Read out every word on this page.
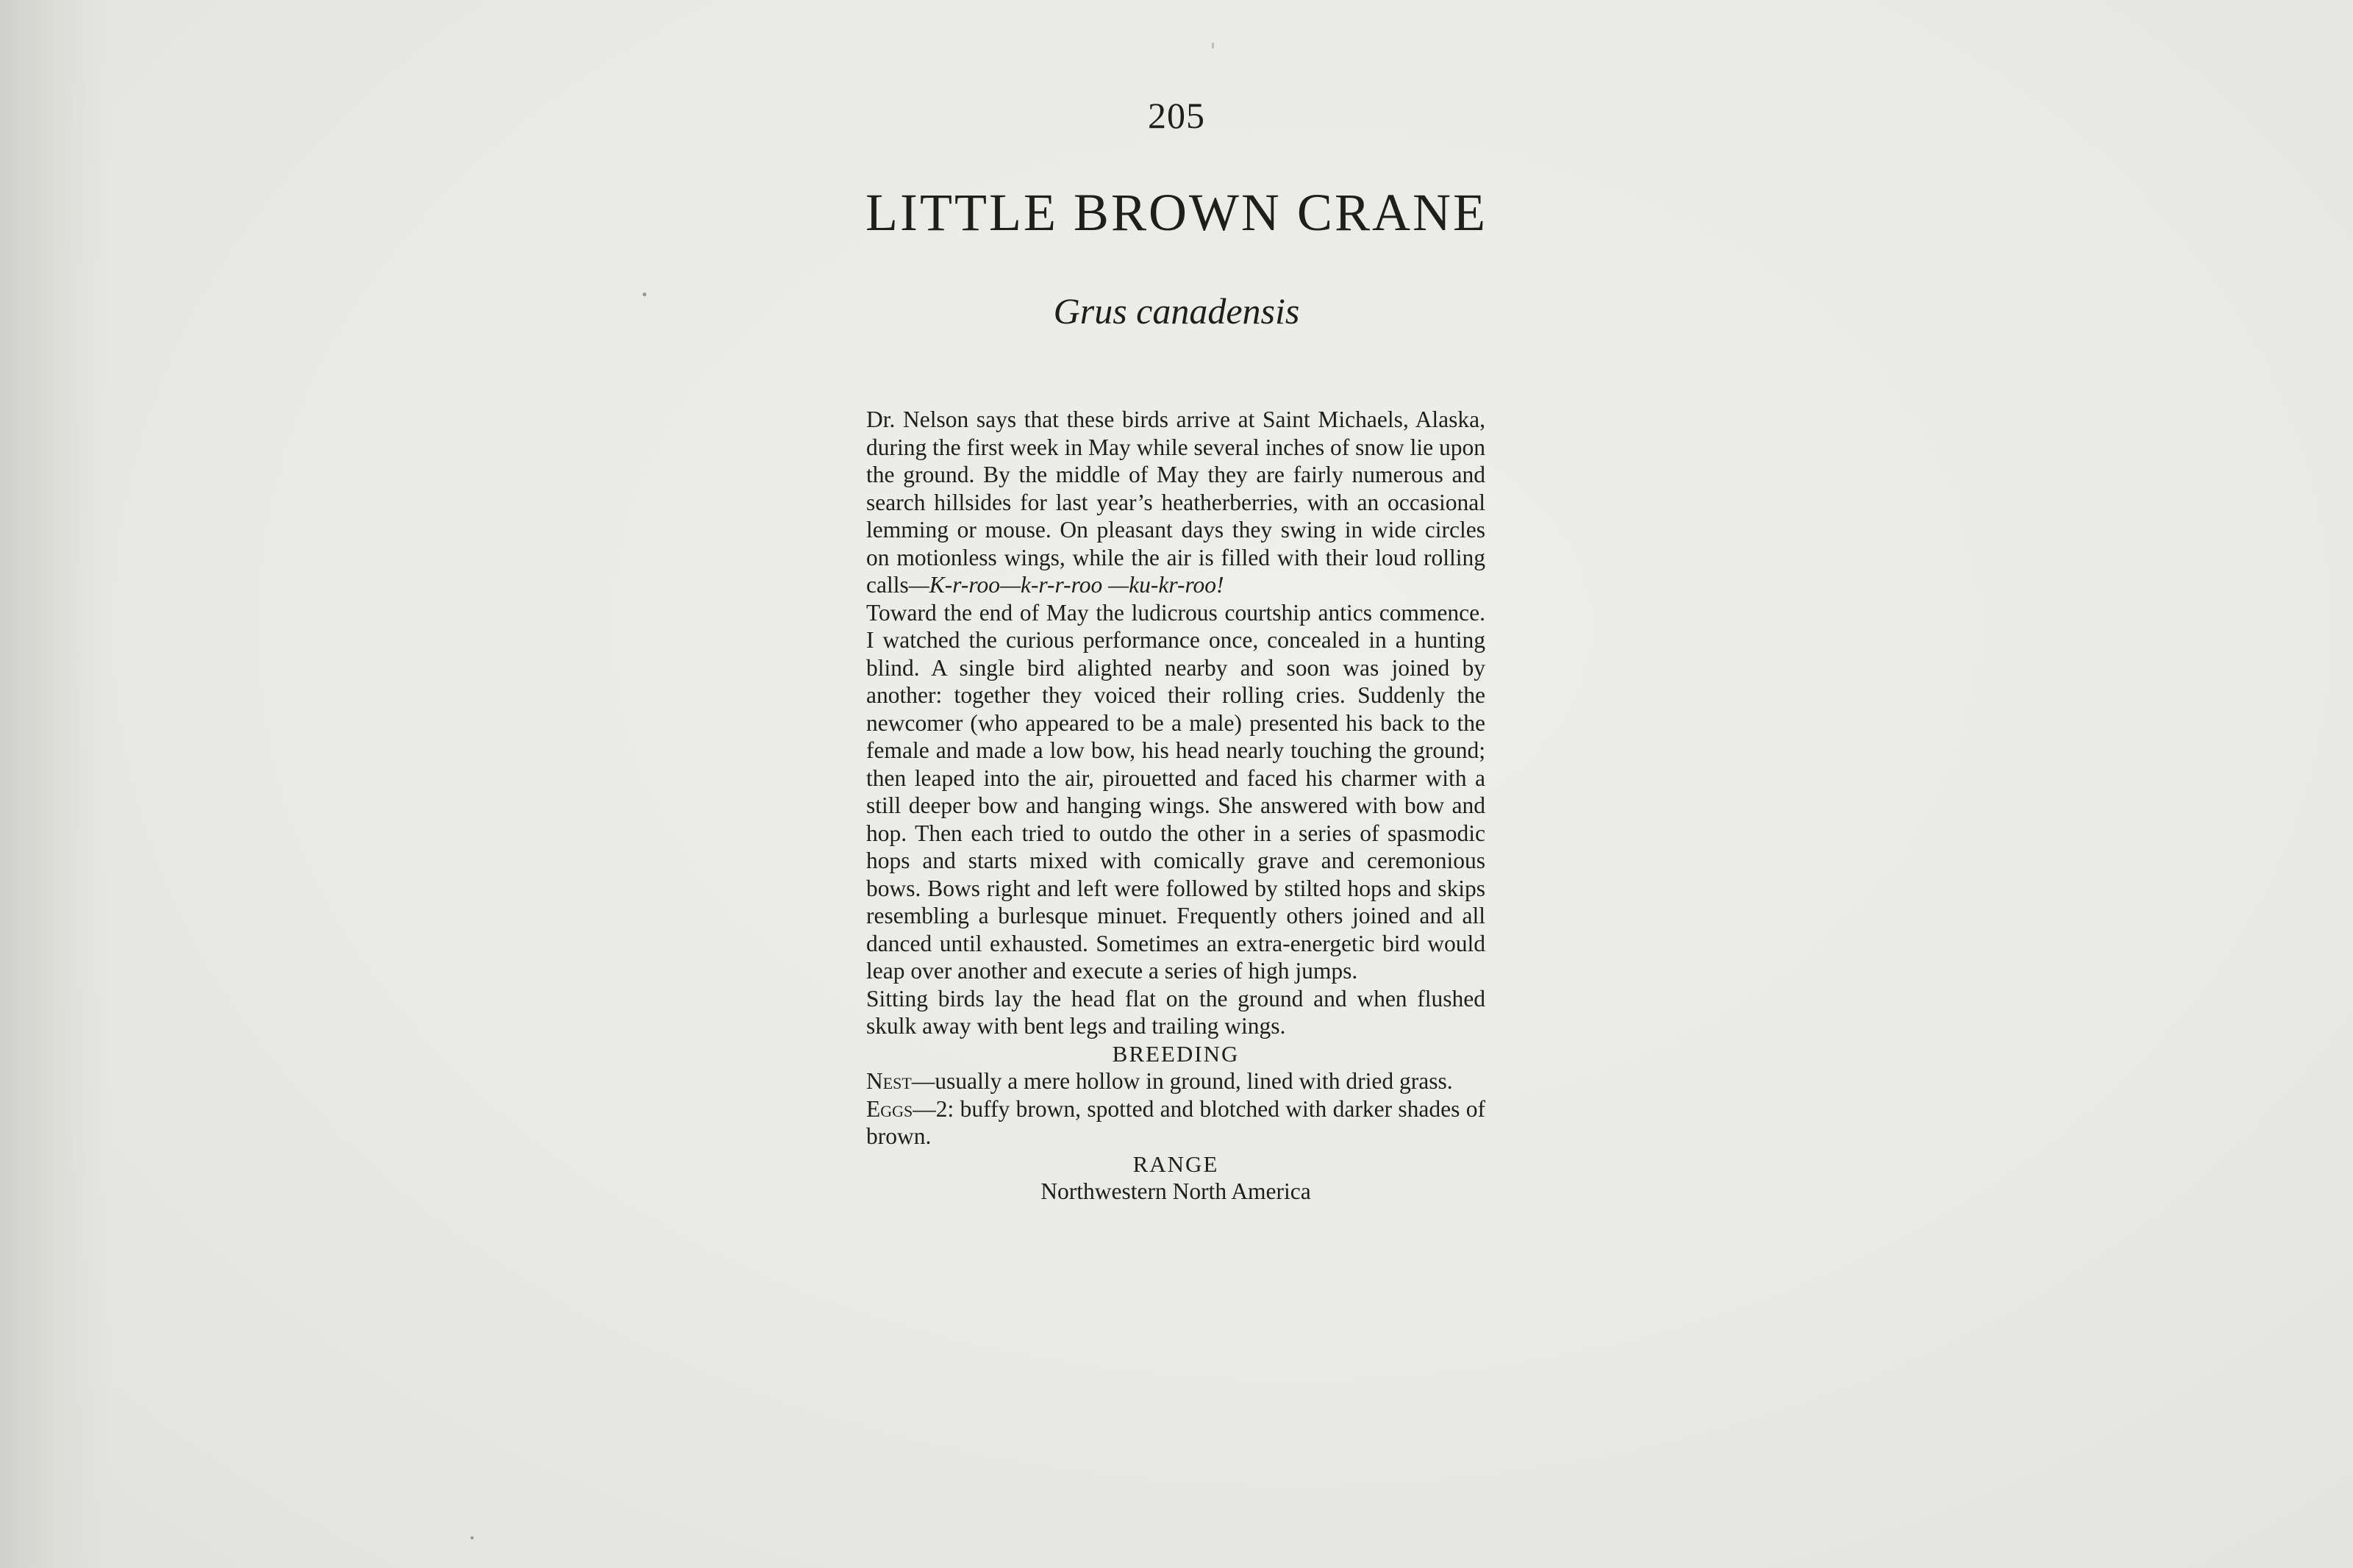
205
LITTLE BROWN CRANE
Grus canadensis

Dr. Nelson says that these birds arrive at Saint Michaels, Alaska, during the first week in May while several inches of snow lie upon the ground. By the middle of May they are fairly numerous and search hillsides for last year’s heatherberries, with an occasional lemming or mouse. On pleasant days they swing in wide circles on motionless wings, while the air is filled with their loud rolling calls—K-r-roo—k-r-r-roo —ku-kr-roo!

Toward the end of May the ludicrous courtship antics commence. I watched the curious performance once, concealed in a hunting blind. A single bird alighted nearby and soon was joined by another: together they voiced their rolling cries. Suddenly the newcomer (who appeared to be a male) presented his back to the female and made a low bow, his head nearly touching the ground; then leaped into the air, pirouetted and faced his charmer with a still deeper bow and hanging wings. She answered with bow and hop. Then each tried to outdo the other in a series of spasmodic hops and starts mixed with comically grave and ceremonious bows. Bows right and left were followed by stilted hops and skips resembling a burlesque minuet. Frequently others joined and all danced until exhausted. Sometimes an extra-energetic bird would leap over another and execute a series of high jumps.

Sitting birds lay the head flat on the ground and when flushed skulk away with bent legs and trailing wings.

BREEDING

Nest—usually a mere hollow in ground, lined with dried grass.

Eggs—2: buffy brown, spotted and blotched with darker shades of brown.

RANGE

Northwestern North America
